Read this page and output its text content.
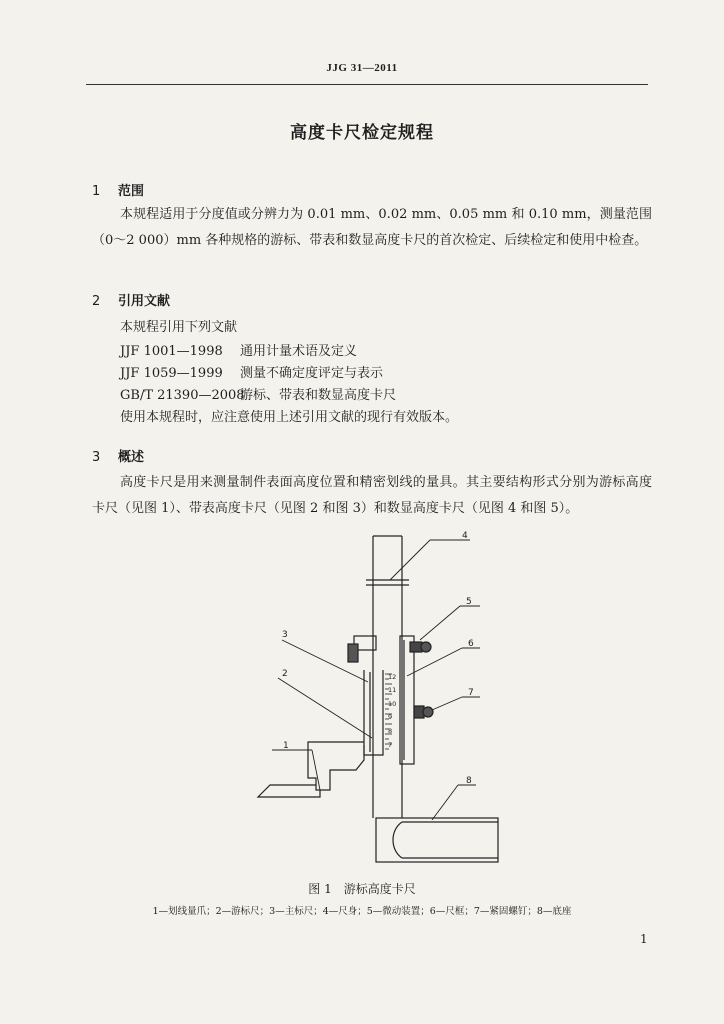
JJG 31—2011
高度卡尺检定规程
1 范围
本规程适用于分度值或分辨力为 0.01 mm、0.02 mm、0.05 mm 和 0.10 mm，测量范围（0～2 000）mm 各种规格的游标、带表和数显高度卡尺的首次检定、后续检定和使用中检查。
2 引用文献
本规程引用下列文献
JJF 1001—1998 通用计量术语及定义
JJF 1059—1999 测量不确定度评定与表示
GB/T 21390—2008游标、带表和数显高度卡尺
使用本规程时，应注意使用上述引用文献的现行有效版本。
3 概述
高度卡尺是用来测量制件表面高度位置和精密划线的量具。其主要结构形式分别为游标高度卡尺（见图 1）、带表高度卡尺（见图 2 和图 3）和数显高度卡尺（见图 4 和图 5）。
12
11
10
9
8
7
1
2
3
4
5
6
7
8
图 1　游标高度卡尺
1—划线量爪；2—游标尺；3—主标尺；4—尺身；5—微动装置；6—尺框；7—紧固螺钉；8—底座
1
